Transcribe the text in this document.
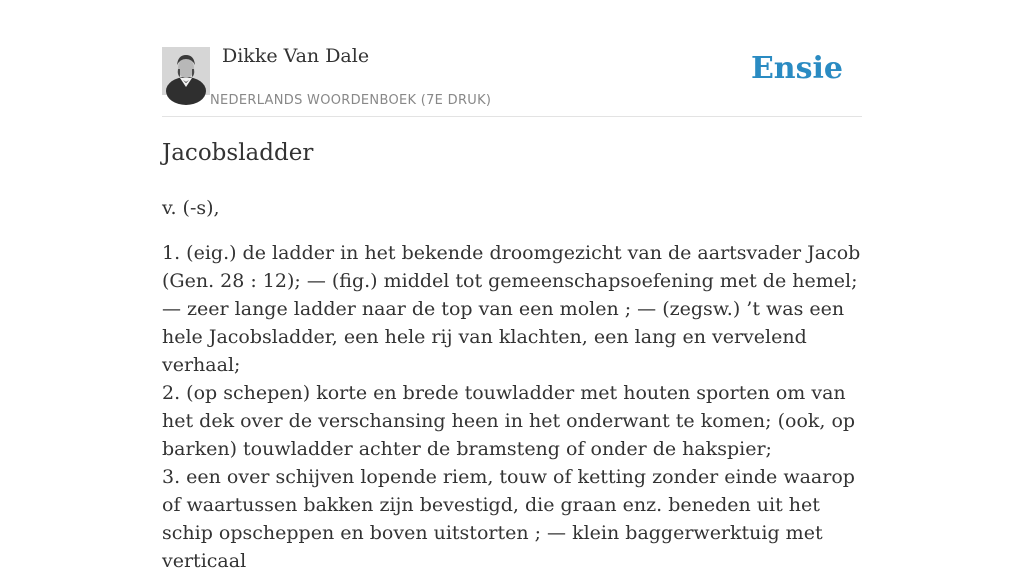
Dikke Van Dale
NEDERLANDS WOORDENBOEK (7E DRUK)
Ensie
Jacobsladder

v. (-s),

1. (eig.) de ladder in het bekende droomgezicht van de aartsvader Jacob (Gen. 28 : 12); — (fig.) middel tot gemeenschapsoefening met de hemel; — zeer lange ladder naar de top van een molen ; — (zegsw.) ’t was een hele Jacobsladder, een hele rij van klachten, een lang en vervelend verhaal;
2. (op schepen) korte en brede touwladder met houten sporten om van het dek over de verschansing heen in het onderwant te komen; (ook, op barken) touwladder achter de bramsteng of onder de hakspier;
3. een over schijven lopende riem, touw of ketting zonder einde waarop of waartussen bakken zijn bevestigd, die graan enz. beneden uit het schip opscheppen en boven uitstorten ; — klein baggerwerktuig met verticaal
